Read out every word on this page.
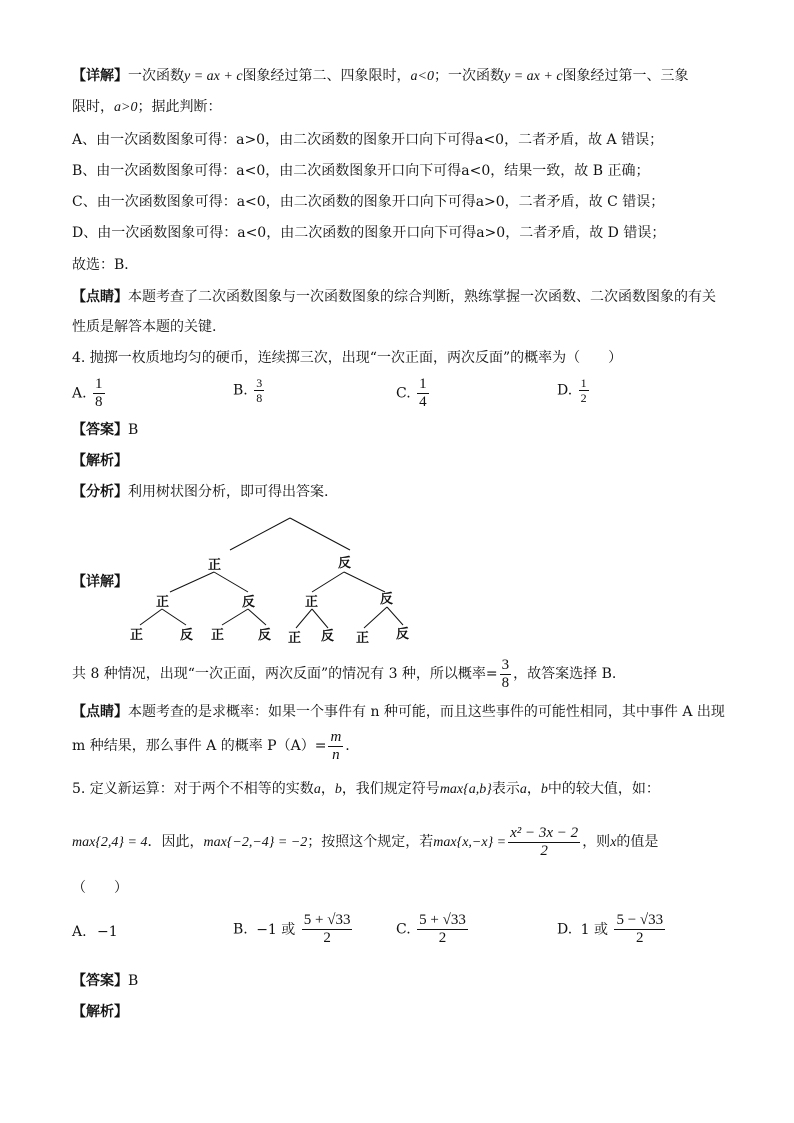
【详解】一次函数y = ax + c图象经过第二、四象限时，a<0；一次函数y = ax + c图象经过第一、三象
限时，a>0；据此判断：
A、由一次函数图象可得：a>0，由二次函数的图象开口向下可得a<0，二者矛盾，故 A 错误；
B、由一次函数图象可得：a<0，由二次函数图象开口向下可得a<0，结果一致，故 B 正确；
C、由一次函数图象可得：a<0，由二次函数的图象开口向下可得a>0，二者矛盾，故 C 错误；
D、由一次函数图象可得：a<0，由二次函数的图象开口向下可得a>0，二者矛盾，故 D 错误；
故选：B．
【点睛】本题考查了二次函数图象与一次函数图象的综合判断，熟练掌握一次函数、二次函数图象的有关
性质是解答本题的关键.
4. 抛掷一枚质地均匀的硬币，连续掷三次，出现“一次正面，两次反面”的概率为（　　）
A. $\frac{1}{8}$	B. $\frac{3}{8}$	C. $\frac{1}{4}$	D. $\frac{1}{2}$
【答案】B
【解析】
【分析】利用树状图分析，即可得出答案.
【详解】
正	反
正	反	正	反
正	反 正	反 正 反 正 反
共 8 种情况，出现“一次正面，两次反面”的情况有 3 种，所以概率= $\frac{3}{8}$ ，故答案选择 B.
【点睛】本题考查的是求概率：如果一个事件有 n 种可能，而且这些事件的可能性相同，其中事件 A 出现
m 种结果，那么事件 A 的概率 $P(A)= \frac{m}{n}$ .
5. 定义新运算：对于两个不相等的实数a，b，我们规定符号max{a,b}表示a，b中的较大值，如：
max{2,4} = 4．因此，max{−2,−4} = −2；按照这个规定，若$\max\{x,-x\} = \frac{\text{x² − 3x − 2}}{2}$ ，则x的值是
（　　）
A. −1	B. −1 或 $\frac{5 + √33}{2}$	C. $\frac{5 + √33}{2}$	D. 1 或 $\frac{5 - √33}{2}$
【答案】B
【解析】
